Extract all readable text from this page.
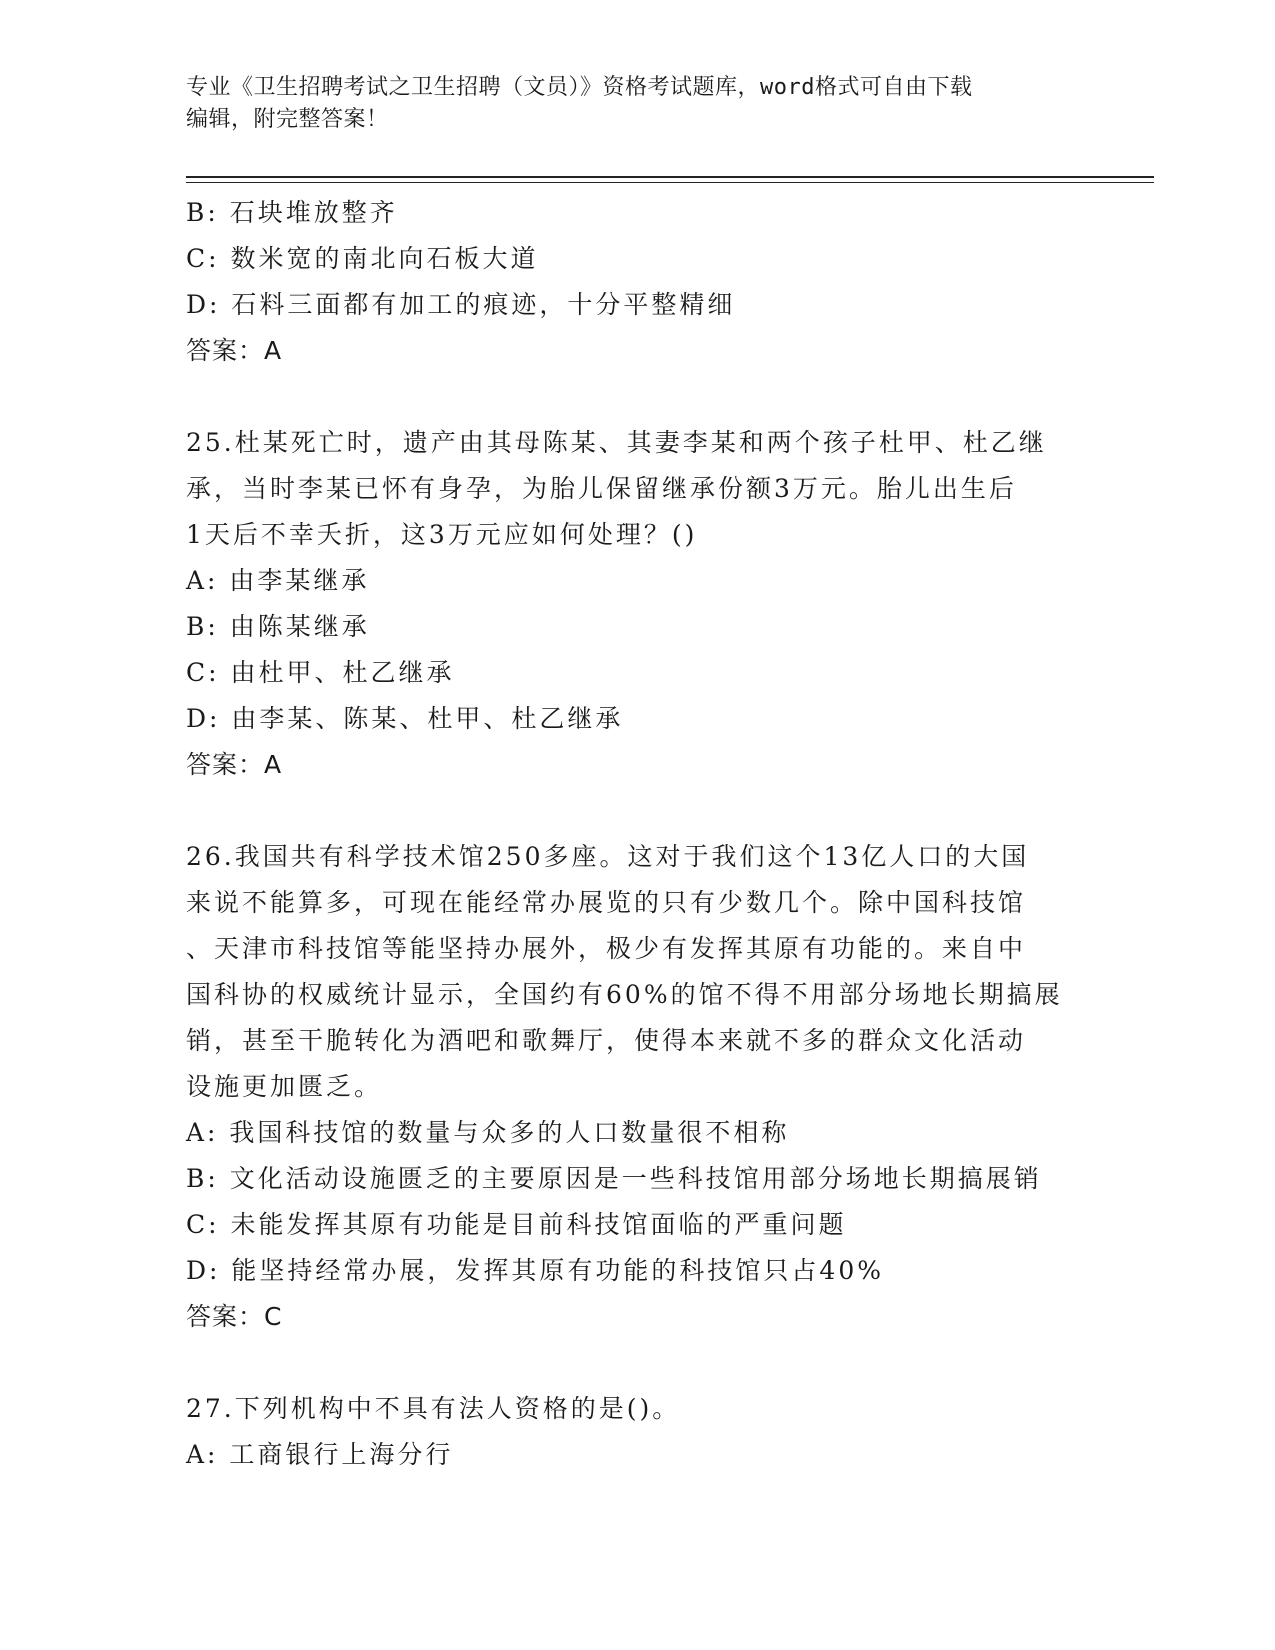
专业《卫生招聘考试之卫生招聘（文员）》资格考试题库，word格式可自由下载
编辑，附完整答案！
B: 石块堆放整齐
C: 数米宽的南北向石板大道
D: 石料三面都有加工的痕迹，十分平整精细
答案：A
25.杜某死亡时，遗产由其母陈某、其妻李某和两个孩子杜甲、杜乙继
承，当时李某已怀有身孕，为胎儿保留继承份额3万元。胎儿出生后
1天后不幸夭折，这3万元应如何处理？()
A: 由李某继承
B: 由陈某继承
C: 由杜甲、杜乙继承
D: 由李某、陈某、杜甲、杜乙继承
答案：A
26.我国共有科学技术馆250多座。这对于我们这个13亿人口的大国
来说不能算多，可现在能经常办展览的只有少数几个。除中国科技馆
、天津市科技馆等能坚持办展外，极少有发挥其原有功能的。来自中
国科协的权威统计显示，全国约有60%的馆不得不用部分场地长期搞展
销，甚至干脆转化为酒吧和歌舞厅，使得本来就不多的群众文化活动
设施更加匮乏。
A: 我国科技馆的数量与众多的人口数量很不相称
B: 文化活动设施匮乏的主要原因是一些科技馆用部分场地长期搞展销
C: 未能发挥其原有功能是目前科技馆面临的严重问题
D: 能坚持经常办展，发挥其原有功能的科技馆只占40%
答案：C
27.下列机构中不具有法人资格的是()。
A: 工商银行上海分行
